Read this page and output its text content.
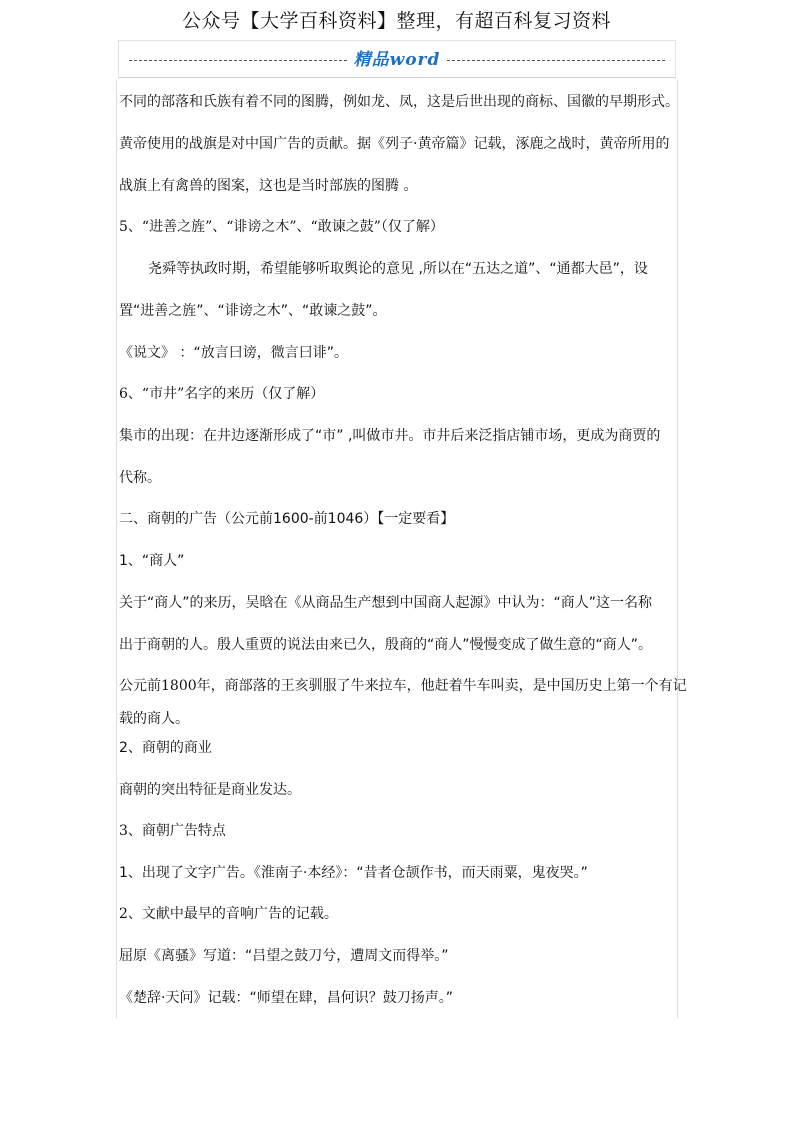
公众号【大学百科资料】整理，有超百科复习资料
精品word
不同的部落和氏族有着不同的图腾，例如龙、凤，这是后世出现的商标、国徽的早期形式。
黄帝使用的战旗是对中国广告的贡献。据《列子·黄帝篇》记载，涿鹿之战时，黄帝所用的
战旗上有禽兽的图案，这也是当时部族的图腾 。
5、“进善之旌”、“诽谤之木”、“敢谏之鼓”（仅了解）
尧舜等执政时期，希望能够听取舆论的意见 ,所以在“五达之道”、“通都大邑”，设
置“进善之旌”、“诽谤之木”、“敢谏之鼓”。
《说文》 ：“放言曰谤，微言曰诽”。
6、“市井”名字的来历（仅了解）
集市的出现：在井边逐渐形成了“市” ,叫做市井。市井后来泛指店铺市场，更成为商贾的
代称。
二、商朝的广告（公元前1600-前1046）【一定要看】
1、“商人”
关于“商人”的来历，吴晗在《从商品生产想到中国商人起源》中认为：“商人”这一名称
出于商朝的人。殷人重贾的说法由来已久，殷商的“商人”慢慢变成了做生意的“商人”。
公元前1800年，商部落的王亥驯服了牛来拉车，他赶着牛车叫卖，是中国历史上第一个有记
载的商人。
2、商朝的商业
商朝的突出特征是商业发达。
3、商朝广告特点
1、出现了文字广告。《淮南子·本经》：“昔者仓颉作书，而天雨粟，鬼夜哭。”
2、文献中最早的音响广告的记载。
屈原《离骚》写道：“吕望之鼓刀兮，遭周文而得举。”
《楚辞·天问》记载：“师望在肆，昌何识？鼓刀扬声。”
